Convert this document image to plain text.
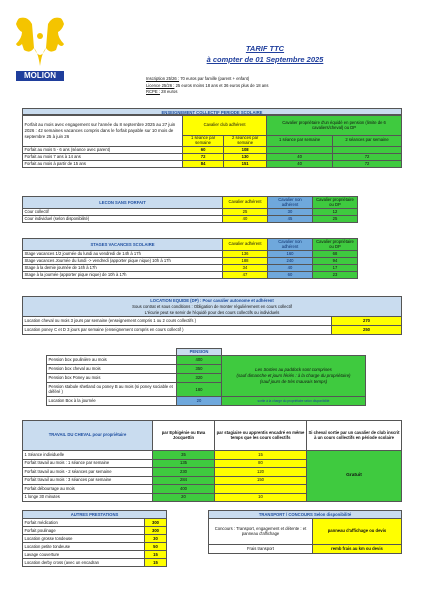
MOLION
TARIF TTC
à compter de 01 Septembre 2025
Inscription 25/26 : 70 euros par famille (parent + enfant)
Licence 25/26 : 25 euros moins 18 ans et 36 euros plus de 18 ans
RCPE : 28 euros
ENSEIGNEMENT COLLECTIF PERIODE SCOLAIRE
Forfait au mois avec engagement sur l'année du 8 septembre 2025 au 27 juin 2026 : 42 semaines vacances compris dans le forfait payable sur 10 mois de septembre 25 à juin 26	Cavalier club adhérent		Cavalier propriétaire d'un équidé en pension (limite de 6 cavaliers/cheval) ou DP	
	1 séance par semaine	2 séances par semaine	1 séance par semaine	2 séances par semaine
Forfait au mois 5 - 6 ans (séance avec parent)	60	108		
Forfait au mois 7 ans à 14 ans	72	130	40	72
Forfait au mois à partir de 15 ans	84	151	40	72
LECON SANS FORFAIT	Cavalier adhérent	Cavalier non adhérent	Cavalier propriétaire ou DP	
Cour collectif	25	30	12	
Cour individuel (selon disponibilité)	40	45	25	
STAGES VACANCES SCOLAIRE	Cavalier adhérent	Cavalier non adhérent	Cavalier propriétaire ou DP	
Stage vacances 1/2 journée du lundi au vendredi de 14h à 17h	136	160	68	
Stage vacances Journée du lundi -> vendredi (apporter pique nique) 10h à 17h	188	240	94	
Stage à la demie journée de 14h à 17h	34	40	17	
Stage à la journée (apporter pique nique) de 10h à 17h	47	60	23	
LOCATION EQUIDE (DP) : Pour cavalier autonome et adhérent
Sous contrat et sous conditions : Obligation de monter régulièrement en cours collectif
L'écurie peut se servir de l'équidé pour des cours collectifs ou individuels
Location cheval ou mois 3 jours par semaine (enseignement compris 1 ou 2 cours collectifs )	270
Location poney C et D 3 jours par semaine (enseignement compris en cours collectif )	250
	PENSION	
Pension box poulinière au mois	400	Les Sorties au paddock sont comprises
(sauf dimanche et jours fériés : à la charge du propriétaire)
(sauf jours de très mauvais temps)

Pension box cheval au mois	350	
Pension box Poney au mois	320	
Pension stabule shetland ou poney B au mois (si poney sociable et déféré )	180	
Location Box à la journée	20	sortie à la charge du propriétaire selon disponibilité
TRAVAIL DU CHEVAL pour propriétaire	par Ephigénie ou Ewa Jocquettin	par stagiaire ou apprentis encadré en même temps que les cours collectifs	Si cheval sortie par un cavalier de club inscrit à un cours collectifs en période scolaire
1 Séance individuelle	35	15	Gratuit
Forfait travail au mois : 1 séance par semaine	135	80	
Forfait travail au mois - 2 séances par semaine	230	120	
Forfait travail au mois : 3 séances par semaine	284	150	
Forfait débourrage au mois	400		
1 longe 30 minutes	20	10	
AUTRES PRESTATIONS	
Forfait médication	300
Forfait poulinage	300
Location grosse tondeuse	30
Location petite tondeuse	50
Lavage couverture	15
Location derby cross (avec un encadran	15
TRANSPORT / CONCOURS Selon disponibilité	
Concours : Transport, engagement et détente : et panneau d'affichage	panneau d'affichage ou devis
Frais transport	remb frais au km ou devis
